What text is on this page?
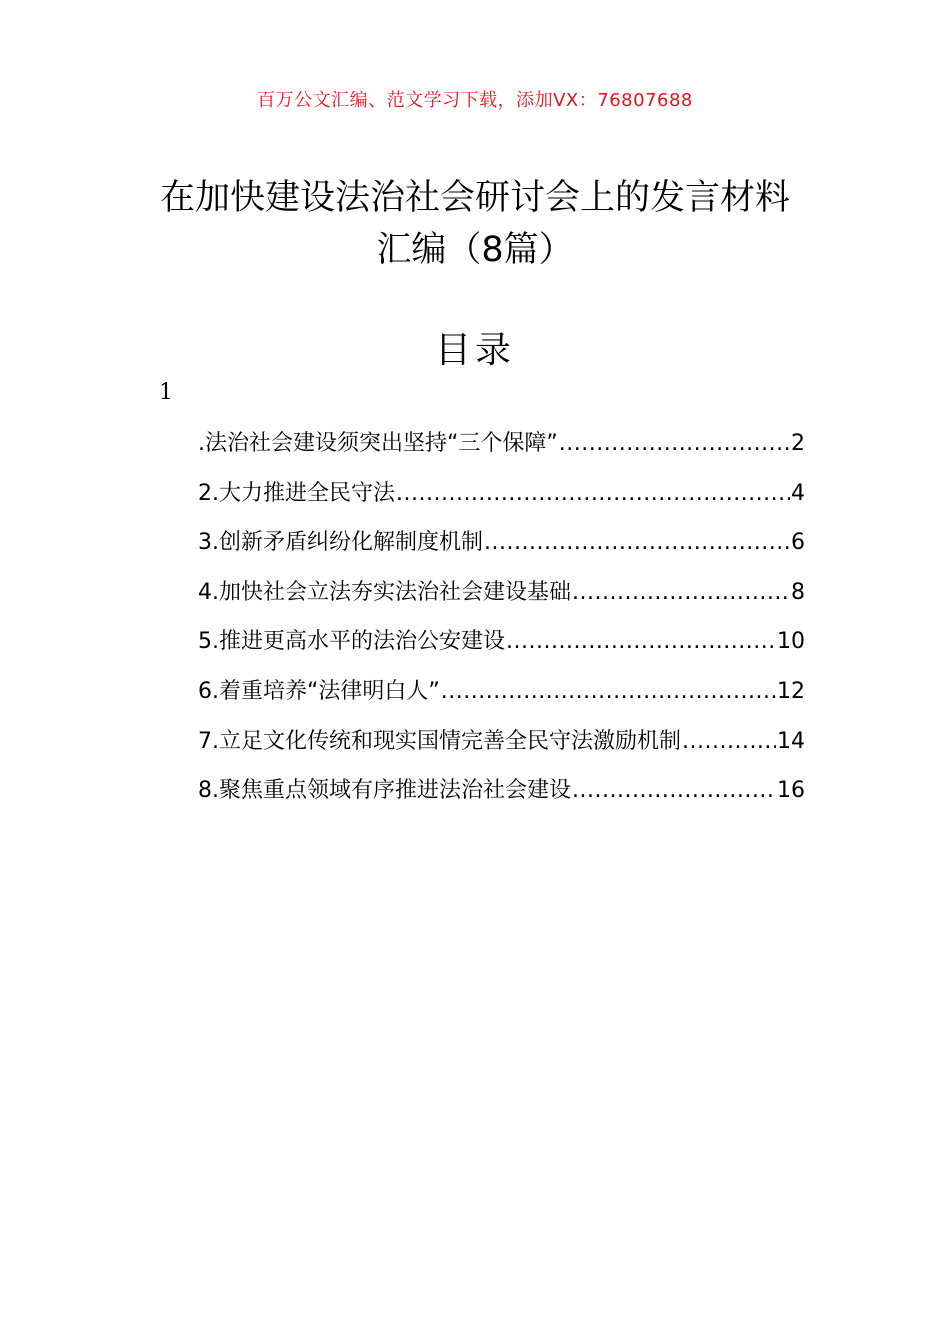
百万公文汇编、范文学习下载，添加VX：76807688
在加快建设法治社会研讨会上的发言材料
汇编（8篇）
目录
1
.法治社会建设须突出坚持“三个保障” .....	2
2.大力推进全民守法 .....	4
3.创新矛盾纠纷化解制度机制 .....	6
4.加快社会立法夯实法治社会建设基础 .....	8
5.推进更高水平的法治公安建设 .....	10
6.着重培养“法律明白人” .....	12
7.立足文化传统和现实国情完善全民守法激励机制 .....	14
8.聚焦重点领域有序推进法治社会建设 .....	16
